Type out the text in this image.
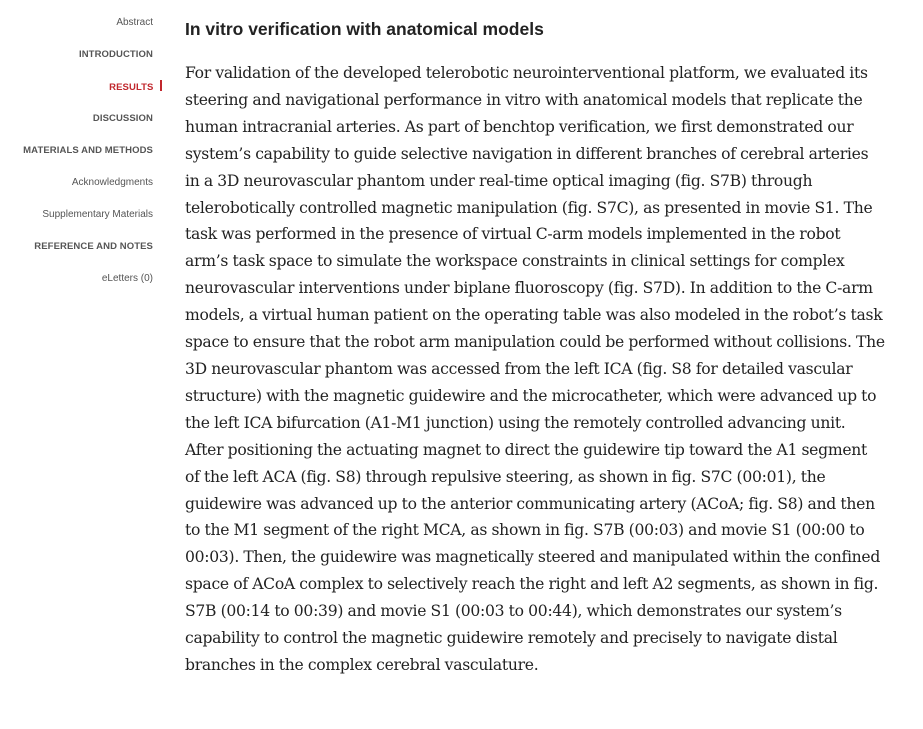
Abstract
INTRODUCTION
RESULTS
DISCUSSION
MATERIALS AND METHODS
Acknowledgments
Supplementary Materials
REFERENCE AND NOTES
eLetters (0)
In vitro verification with anatomical models

For validation of the developed telerobotic neurointerventional platform, we evaluated its steering and navigational performance in vitro with anatomical models that replicate the human intracranial arteries. As part of benchtop verification, we first demonstrated our system’s capability to guide selective navigation in different branches of cerebral arteries in a 3D neurovascular phantom under real-time optical imaging (fig. S7B) through telerobotically controlled magnetic manipulation (fig. S7C), as presented in movie S1. The task was performed in the presence of virtual C-arm models implemented in the robot arm’s task space to simulate the workspace constraints in clinical settings for complex neurovascular interventions under biplane fluoroscopy (fig. S7D). In addition to the C-arm models, a virtual human patient on the operating table was also modeled in the robot’s task space to ensure that the robot arm manipulation could be performed without collisions. The 3D neurovascular phantom was accessed from the left ICA (fig. S8 for detailed vascular structure) with the magnetic guidewire and the microcatheter, which were advanced up to the left ICA bifurcation (A1-M1 junction) using the remotely controlled advancing unit. After positioning the actuating magnet to direct the guidewire tip toward the A1 segment of the left ACA (fig. S8) through repulsive steering, as shown in fig. S7C (00:01), the guidewire was advanced up to the anterior communicating artery (ACoA; fig. S8) and then to the M1 segment of the right MCA, as shown in fig. S7B (00:03) and movie S1 (00:00 to 00:03). Then, the guidewire was magnetically steered and manipulated within the confined space of ACoA complex to selectively reach the right and left A2 segments, as shown in fig. S7B (00:14 to 00:39) and movie S1 (00:03 to 00:44), which demonstrates our system’s capability to control the magnetic guidewire remotely and precisely to navigate distal branches in the complex cerebral vasculature.
